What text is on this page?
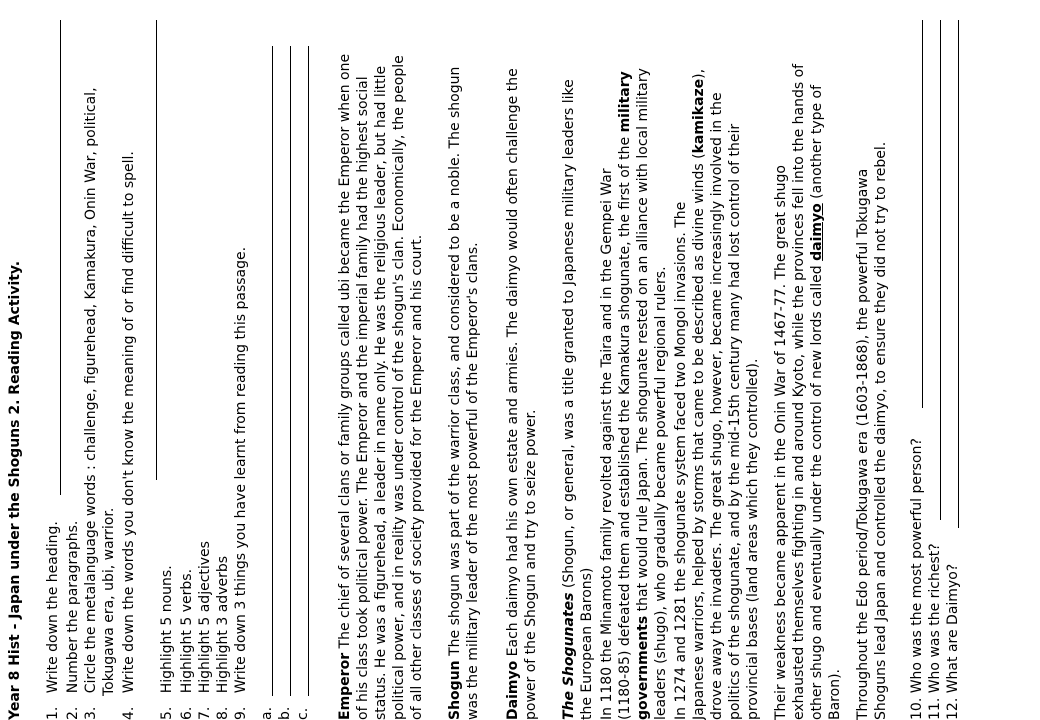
Year 8 Hist - Japan under the Shoguns 2. Reading Activity.
1.   Write down the heading.
2.   Number the paragraphs.
3.   Circle the metalanguage words : challenge, figurehead, Kamakura, Onin War, political, Tokugawa era, ubi, warrior.
4.   Write down the words you don't know the meaning of or find difficult to spell.
5.   Highlight 5 nouns.
6.   Highlight 5 verbs.
7.   Highlight 5 adjectives
8.   Highlight 3 adverbs
9.   Write down 3 things you have learnt from reading this passage.
a. b. c. Emperor The chief of several clans or family groups called ubi became the Emperor when one of his class took political power. The Emperor and the imperial family had the highest social status. He was a figurehead, a leader in name only. He was the religious leader, but had little political power, and in reality was under control of the shogun's clan. Economically, the people of all other classes of society provided for the Emperor and his court. Shogun The shogun was part of the warrior class, and considered to be a noble. The shogun was the military leader of the most powerful of the Emperor's clans. Daimyo Each daimyo had his own estate and armies. The daimyo would often challenge the power of the Shogun and try to seize power. The Shogunates (Shogun, or general, was a title granted to Japanese military leaders like
the European Barons) In 1180 the Minamoto family revolted against the Taira and in the Gempei War (1180-85) defeated them and established the Kamakura shogunate, the first of the military
governments that would rule Japan. The shogunate rested on an alliance with local military leaders (shugo), who gradually became powerful regional rulers. In 1274 and 1281 the shogunate system faced two Mongol invasions. The Japanese warriors, helped by storms that came to be described as divine winds (kamikaze),
drove away the invaders. The great shugo, however, became increasingly involved in the politics of the shogunate, and by the mid-15th century many had lost control of their provincial bases (land areas which they controlled). Their weakness became apparent in the Onin War of 1467-77. The great shugo exhausted themselves fighting in and around Kyoto, while the provinces fell into the hands of other shugo and eventually under the control of new lords called daimyo (another type of
Baron). Throughout the Edo period/Tokugawa era (1603-1868), the powerful Tokugawa Shoguns lead Japan and controlled the daimyo, to ensure they did not try to rebel. 10. Who was the most powerful person?
11. Who was the richest?
12. What are Daimyo?
